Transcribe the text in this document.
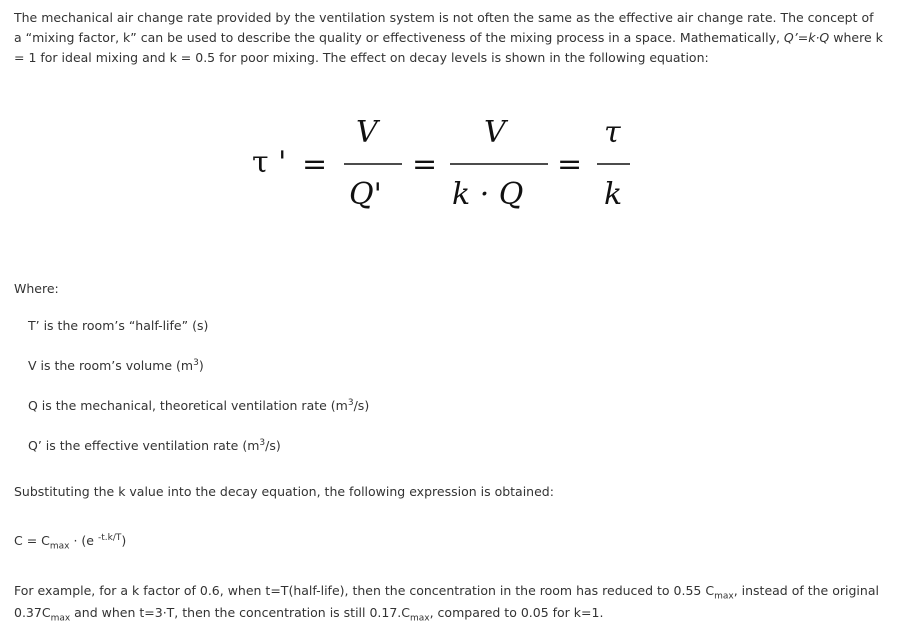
The mechanical air change rate provided by the ventilation system is not often the same as the effective air change rate. The concept of a “mixing factor, k” can be used to describe the quality or effectiveness of the mixing process in a space. Mathematically, Q’=k·Q where k = 1 for ideal mixing and k = 0.5 for poor mixing. The effect on decay levels is shown in the following equation:

τ ' =
V
Q'
=
V
k · Q
=
τ
k
Where:
Τ’ is the room’s “half-life” (s)
V is the room’s volume $(m^3)$
Q is the mechanical, theoretical ventilation rate $(m^3/s)$
Q’ is the effective ventilation rate $(m^3/s)$
Substituting the k value into the decay equation, the following expression is obtained:
$C = C_{max} \cdot (e$ $^{-t.k/T}$)

For example, for a k factor of 0.6, when t=Τ(half-life), then the concentration in the room has reduced to 0.55 $C_{max}$, instead of the original $0.37C_{max}$ and when t=3·Τ, then the concentration is still $0.17.C_{max}$, compared to 0.05 for k=1.
